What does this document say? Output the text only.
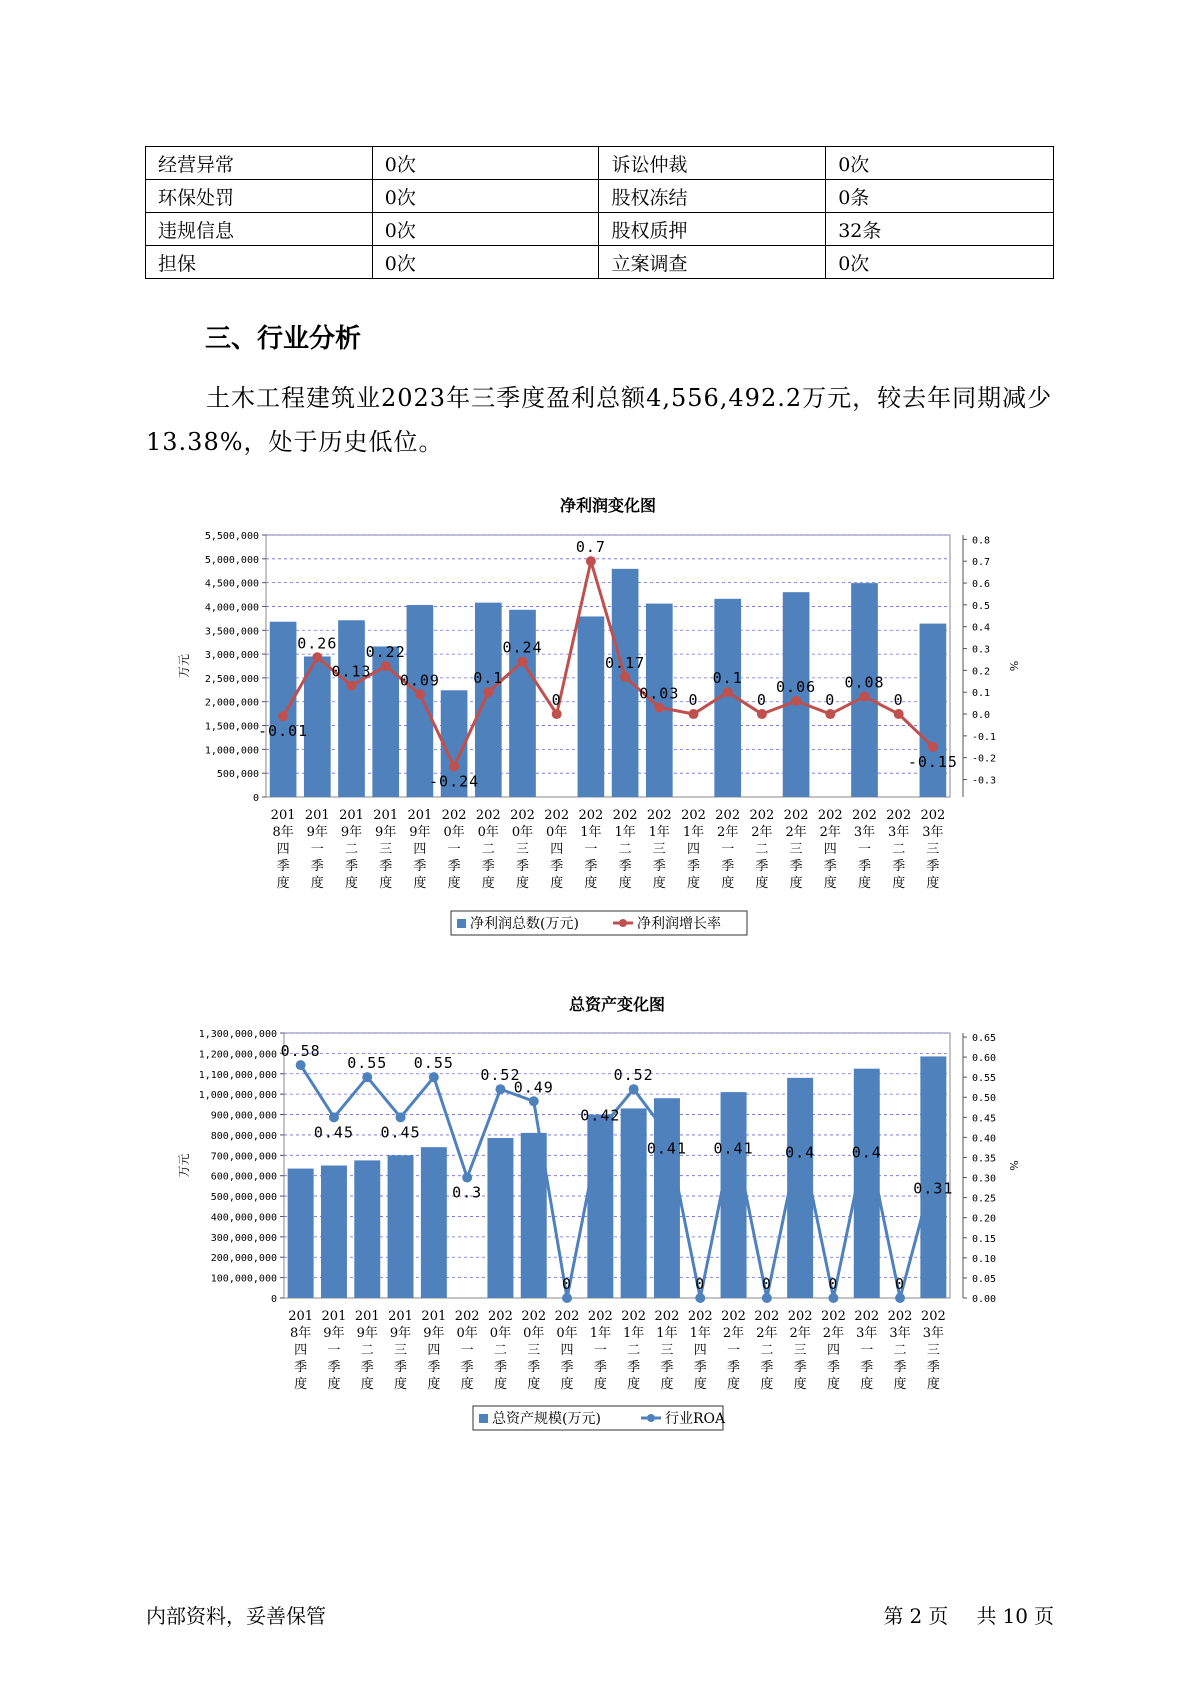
经营异常	0次	诉讼仲裁	0次
环保处罚	0次	股权冻结	0条
违规信息	0次	股权质押	32条
担保	0次	立案调查	0次
三、行业分析
土木工程建筑业2023年三季度盈利总额4,556,492.2万元，较去年同期减少13.38%，处于历史低位。
净利润变化图
0
500,000
1,000,000
1,500,000
2,000,000
2,500,000
3,000,000
3,500,000
4,000,000
4,500,000
5,000,000
5,500,000
-0.3
-0.2
-0.1
0.0
0.1
0.2
0.3
0.4
0.5
0.6
0.7
0.8
万元	%
-0.01
0.26
0.13
0.22
0.09
-0.24
0.1
0.24
0
0.7
0.17
0.03 0
0.1
0
0.06
0
0.08
0
-0.15
201
8年
四
季
度
201
9年
一
季
度
201
9年
二
季
度
201
9年
三
季
度
201
9年
四
季
度
202
0年
一
季
度
202
0年
二
季
度
202
0年
三
季
度
202
0年
四
季
度
202
1年
一
季
度
202
1年
二
季
度
202
1年
三
季
度
202
1年
四
季
度
202
2年
一
季
度
202
2年
二
季
度
202
2年
三
季
度
202
2年
四
季
度
202
3年
一
季
度
202
3年
二
季
度
202
3年
三
季
度
净利润总数(万元)	净利润增长率
总资产变化图
0
100,000,000
200,000,000
300,000,000
400,000,000
500,000,000
600,000,000
700,000,000
800,000,000
900,000,000
1,000,000,000
1,100,000,000
1,200,000,000
1,300,000,000
0.00
0.05
0.10
0.15
0.20
0.25
0.30
0.35
0.40
0.45
0.50
0.55
0.60
0.65
万元	%
0.58
0.45
0.55
0.45
0.55
0.3
0.52
0.49
0
0.42
0.52
0.41
0
0.41
0
0.4
0
0.4
0
0.31
201
8年
四
季
度
201
9年
一
季
度
201
9年
二
季
度
201
9年
三
季
度
201
9年
四
季
度
202
0年
一
季
度
202
0年
二
季
度
202
0年
三
季
度
202
0年
四
季
度
202
1年
一
季
度
202
1年
二
季
度
202
1年
三
季
度
202
1年
四
季
度
202
2年
一
季
度
202
2年
二
季
度
202
2年
三
季
度
202
2年
四
季
度
202
3年
一
季
度
202
3年
二
季
度
202
3年
三
季
度
总资产规模(万元)	行业ROA
内部资料，妥善保管	第 2 页 共 10 页
